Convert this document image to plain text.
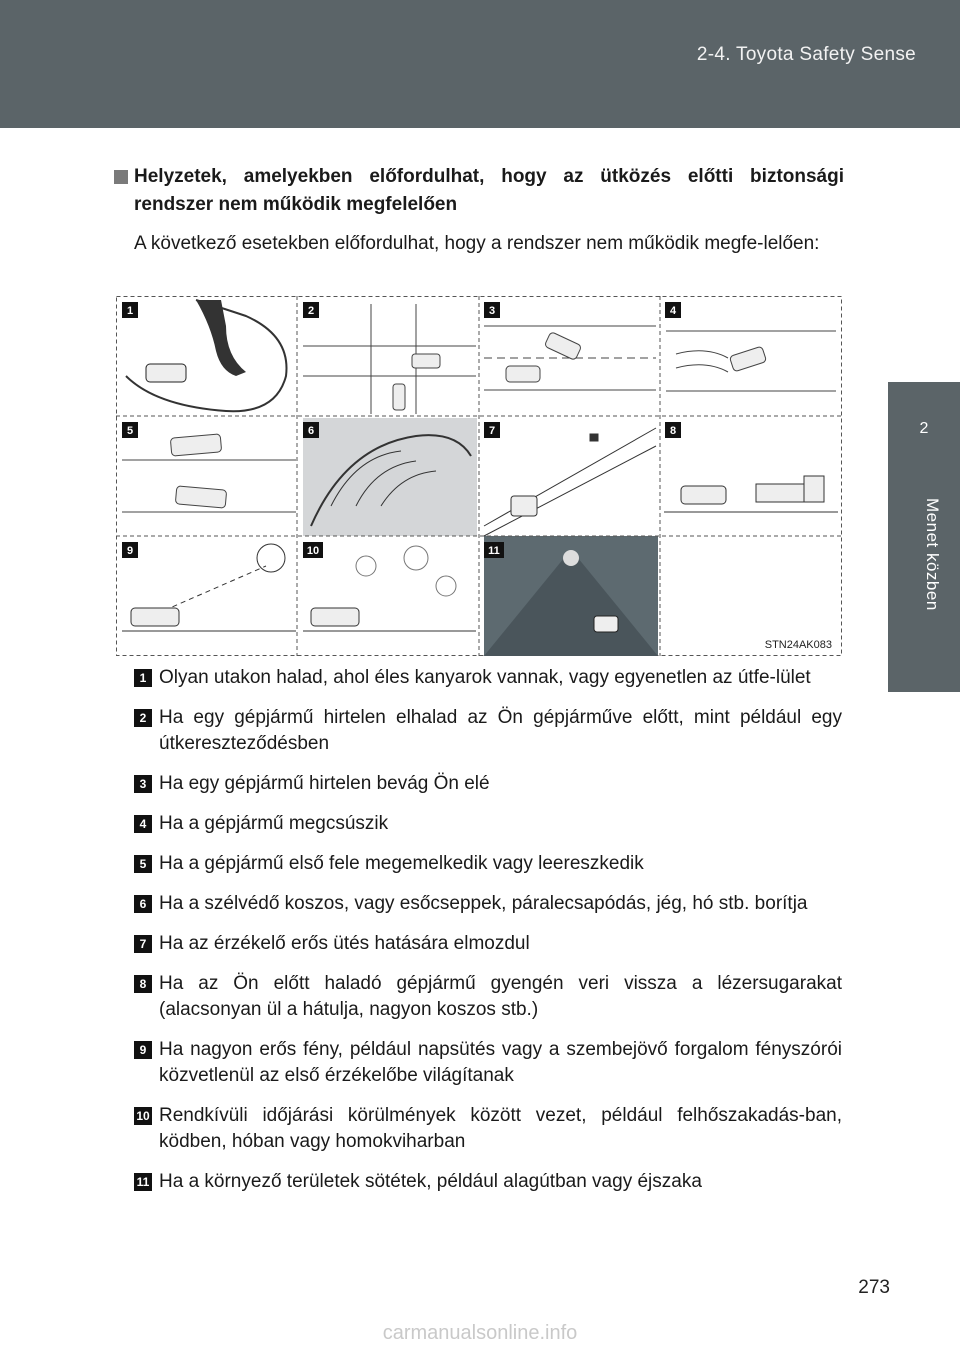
2-4. Toyota Safety Sense
2
Menet közben
Helyzetek, amelyekben előfordulhat, hogy az ütközés előtti biztonsági rendszer nem működik megfelelően
A következő esetekben előfordulhat, hogy a rendszer nem működik megfe-lelően:
1	2	3	4
5	6	7	8
9	10	11
STN24AK083
1 Olyan utakon halad, ahol éles kanyarok vannak, vagy egyenetlen az útfe-lület
2 Ha egy gépjármű hirtelen elhalad az Ön gépjárműve előtt, mint például egy útkereszteződésben
3 Ha egy gépjármű hirtelen bevág Ön elé
4 Ha a gépjármű megcsúszik
5 Ha a gépjármű első fele megemelkedik vagy leereszkedik
6 Ha a szélvédő koszos, vagy esőcseppek, páralecsapódás, jég, hó stb. borítja
7 Ha az érzékelő erős ütés hatására elmozdul
8 Ha az Ön előtt haladó gépjármű gyengén veri vissza a lézersugarakat (alacsonyan ül a hátulja, nagyon koszos stb.)
9 Ha nagyon erős fény, például napsütés vagy a szembejövő forgalom fényszórói közvetlenül az első érzékelőbe világítanak
10 Rendkívüli időjárási körülmények között vezet, például felhőszakadás-ban, ködben, hóban vagy homokviharban
11 Ha a környező területek sötétek, például alagútban vagy éjszaka
273
carmanualsonline.info
